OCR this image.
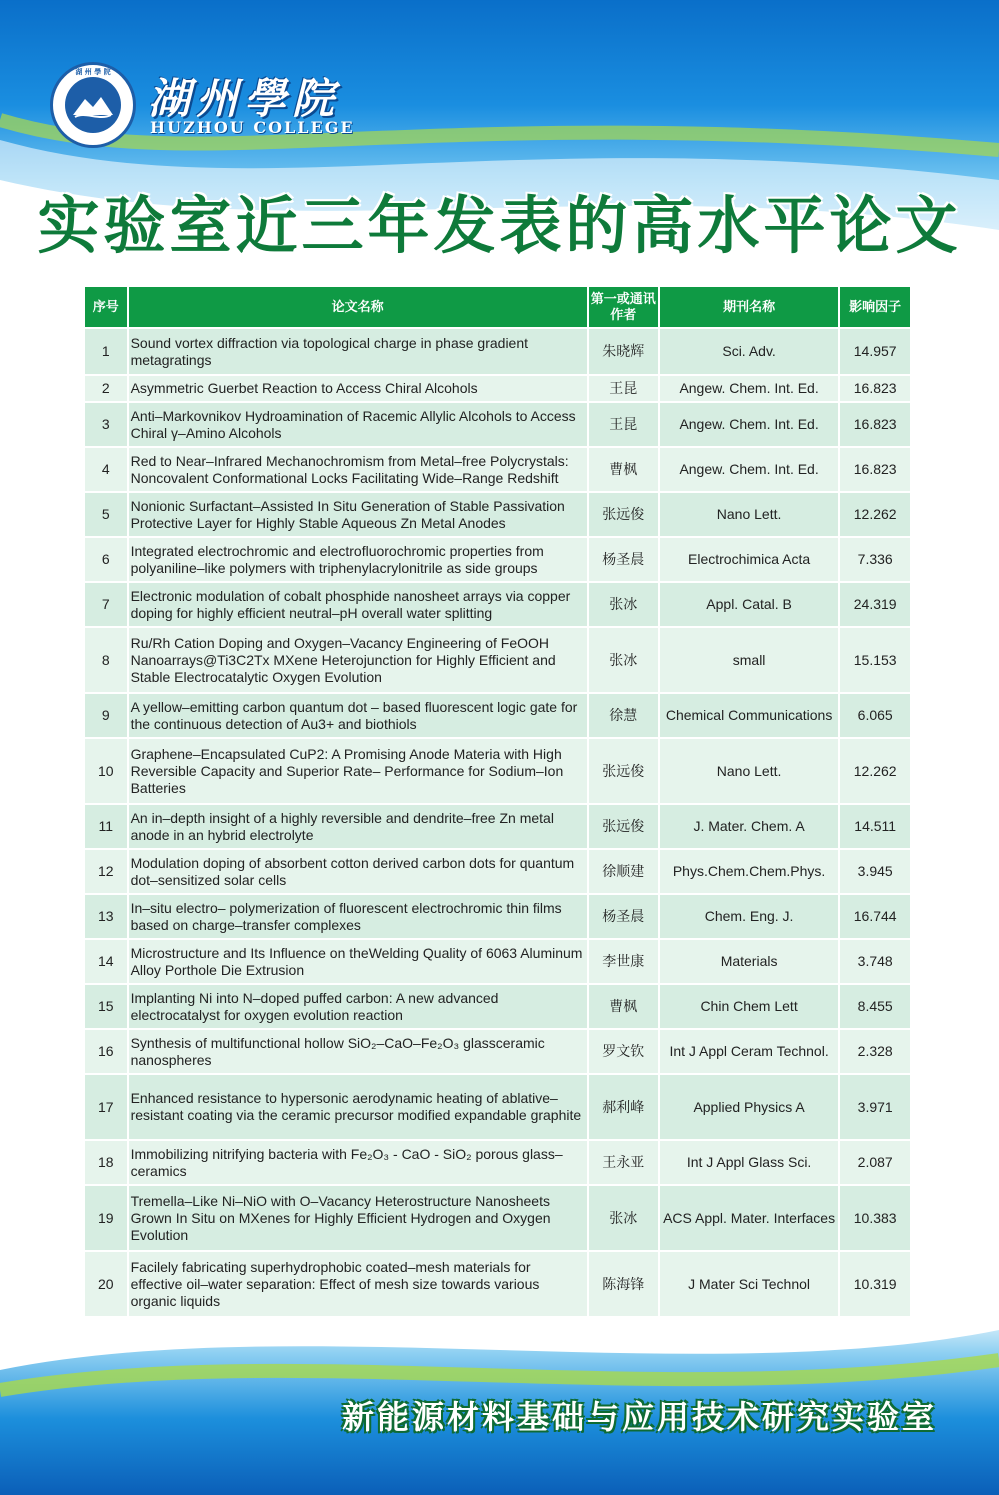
湖 州 學 院
湖州學院
HUZHOU COLLEGE
实验室近三年发表的高水平论文
序号	论文名称	第一或通讯作者	期刊名称	影响因子
1	Sound vortex diffraction via topological charge in phase gradient metagratings	朱晓辉	Sci. Adv.	14.957
2	Asymmetric Guerbet Reaction to Access Chiral Alcohols	王昆	Angew. Chem. Int. Ed.	16.823
3	Anti–Markovnikov Hydroamination of Racemic Allylic Alcohols to Access Chiral γ–Amino Alcohols	王昆	Angew. Chem. Int. Ed.	16.823
4	Red to Near–Infrared Mechanochromism from Metal–free Polycrystals: Noncovalent Conformational Locks Facilitating Wide–Range Redshift	曹枫	Angew. Chem. Int. Ed.	16.823
5	Nonionic Surfactant–Assisted In Situ Generation of Stable Passivation Protective Layer for Highly Stable Aqueous Zn Metal Anodes	张远俊	Nano Lett.	12.262
6	Integrated electrochromic and electrofluorochromic properties from polyaniline–like polymers with triphenylacrylonitrile as side groups	杨圣晨	Electrochimica Acta	7.336
7	Electronic modulation of cobalt phosphide nanosheet arrays via copper doping for highly efficient neutral–pH overall water splitting	张冰	Appl. Catal. B	24.319
8	Ru/Rh Cation Doping and Oxygen–Vacancy Engineering of FeOOH Nanoarrays@Ti3C2Tx MXene Heterojunction for Highly Efficient and Stable Electrocatalytic Oxygen Evolution	张冰	small	15.153
9	A yellow–emitting carbon quantum dot – based fluorescent logic gate for the continuous detection of Au3+ and biothiols	徐慧	Chemical Communications	6.065
10	Graphene–Encapsulated CuP2: A Promising Anode Materia with High Reversible Capacity and Superior Rate– Performance for Sodium–Ion Batteries	张远俊	Nano Lett.	12.262
11	An in–depth insight of a highly reversible and dendrite–free Zn metal anode in an hybrid electrolyte	张远俊	J. Mater. Chem. A	14.511
12	Modulation doping of absorbent cotton derived carbon dots for quantum dot–sensitized solar cells	徐顺建	Phys.Chem.Chem.Phys.	3.945
13	In–situ electro– polymerization of fluorescent electrochromic thin films based on charge–transfer complexes	杨圣晨	Chem. Eng. J.	16.744
14	Microstructure and Its Influence on theWelding Quality of 6063 Aluminum Alloy Porthole Die Extrusion	李世康	Materials	3.748
15	Implanting Ni into N–doped puffed carbon: A new advanced electrocatalyst for oxygen evolution reaction	曹枫	Chin Chem Lett	8.455
16	Synthesis of multifunctional hollow SiO₂–CaO–Fe₂O₃ glassceramic nanospheres	罗文钦	Int J Appl Ceram Technol.	2.328
17	Enhanced resistance to hypersonic aerodynamic heating of ablative–resistant coating via the ceramic precursor modified expandable graphite	郝利峰	Applied Physics A	3.971
18	Immobilizing nitrifying bacteria with Fe₂O₃ - CaO - SiO₂ porous glass–ceramics	王永亚	Int J Appl Glass Sci.	2.087
19	Tremella–Like Ni–NiO with O–Vacancy Heterostructure Nanosheets Grown In Situ on MXenes for Highly Efficient Hydrogen and Oxygen Evolution	张冰	ACS Appl. Mater. Interfaces	10.383
20	Facilely fabricating superhydrophobic coated–mesh materials for effective oil–water separation: Effect of mesh size towards various organic liquids	陈海锋	J Mater Sci Technol	10.319
新能源材料基础与应用技术研究实验室
